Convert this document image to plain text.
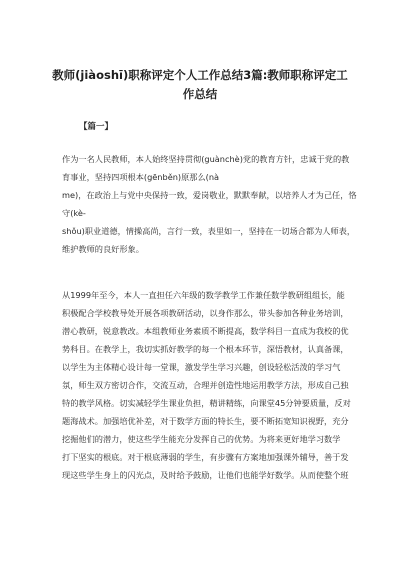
教师(jiàoshī)职称评定个人工作总结3篇:教师职称评定工
作总结
【篇一】
作为一名人民教师，本人始终坚持贯彻(guànchè)党的教育方针，忠诚于党的教
育事业，坚持四项根本(gēnběn)原那么(nà
me)，在政治上与党中央保持一致，爱岗敬业，默默奉献，以培养人才为己任，恪
守(kè-
shǒu)职业道德，情操高尚，言行一致，表里如一，坚持在一切场合都为人师表，
维护教师的良好形象。
从1999年至今，本人一直担任六年级的数学教学工作兼任数学教研组组长，能
积极配合学校教导处开展各项教研活动，以身作那么，带头参加各种业务培训，
潜心教研，锐意教改。本组教师业务素质不断提高，数学科目一直成为我校的优
势科目。在教学上，我切实抓好教学的每一个根本环节，深悟教材，认真备课，
以学生为主体精心设计每一堂课，激发学生学习兴趣，创设轻松活泼的学习气
氛，师生双方密切合作，交流互动，合理并创造性地运用教学方法，形成自己独
特的教学风格。切实减轻学生课业负担，精讲精练，向课堂45分钟要质量，反对
题海战术。加强培优补差，对于数学方面的特长生，要不断拓宽知识视野，充分
挖掘他们的潜力，使这些学生能充分发挥自己的优势。为将来更好地学习数学
打下坚实的根底。对于根底薄弱的学生，有步骤有方案地加强课外辅导，善于发
现这些学生身上的闪光点，及时给予鼓励，让他们也能学好数学。从而使整个班
